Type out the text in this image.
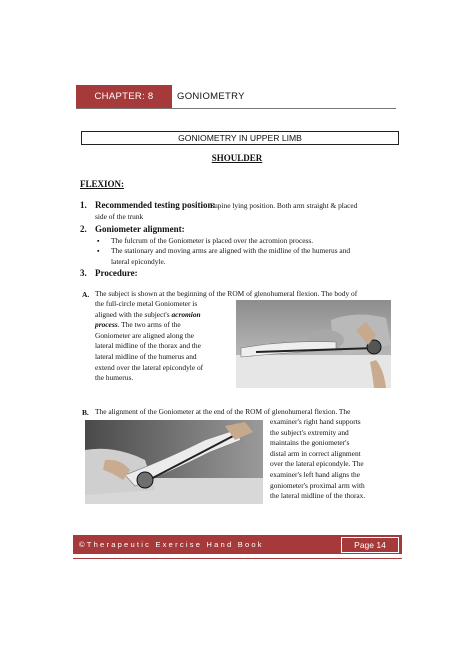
CHAPTER: 8	GONIOMETRY
GONIOMETRY IN UPPER LIMB
SHOULDER
FLEXION:
1. Recommended testing position:
Supine lying position. Both arm straight & placed
side of the trunk
2. Goniometer alignment:
▪ The fulcrum of the Goniometer is placed over the acromion process.
▪ The stationary and moving arms are aligned with the midline of the humerus and
lateral epicondyle.
3. Procedure:
A. The subject is shown at the beginning of the ROM of glenohumeral flexion. The body of
the full-circle metal Goniometer is
aligned with the subject's acromion
process. The two arms of the
Goniometer are aligned along the
lateral midline of the thorax and the
lateral midline of the humerus and
extend over the lateral epicondyle of
the humerus.
B. The alignment of the Goniometer at the end of the ROM of glenohumeral flexion. The
examiner's right hand supports
the subject's extremity and
maintains the goniometer's
distal arm in correct alignment
over the lateral epicondyle. The
examiner's left hand aligns the
goniometer's proximal arm with
the lateral midline of the thorax.
©Therapeutic Exercise Hand Book	Page 14
